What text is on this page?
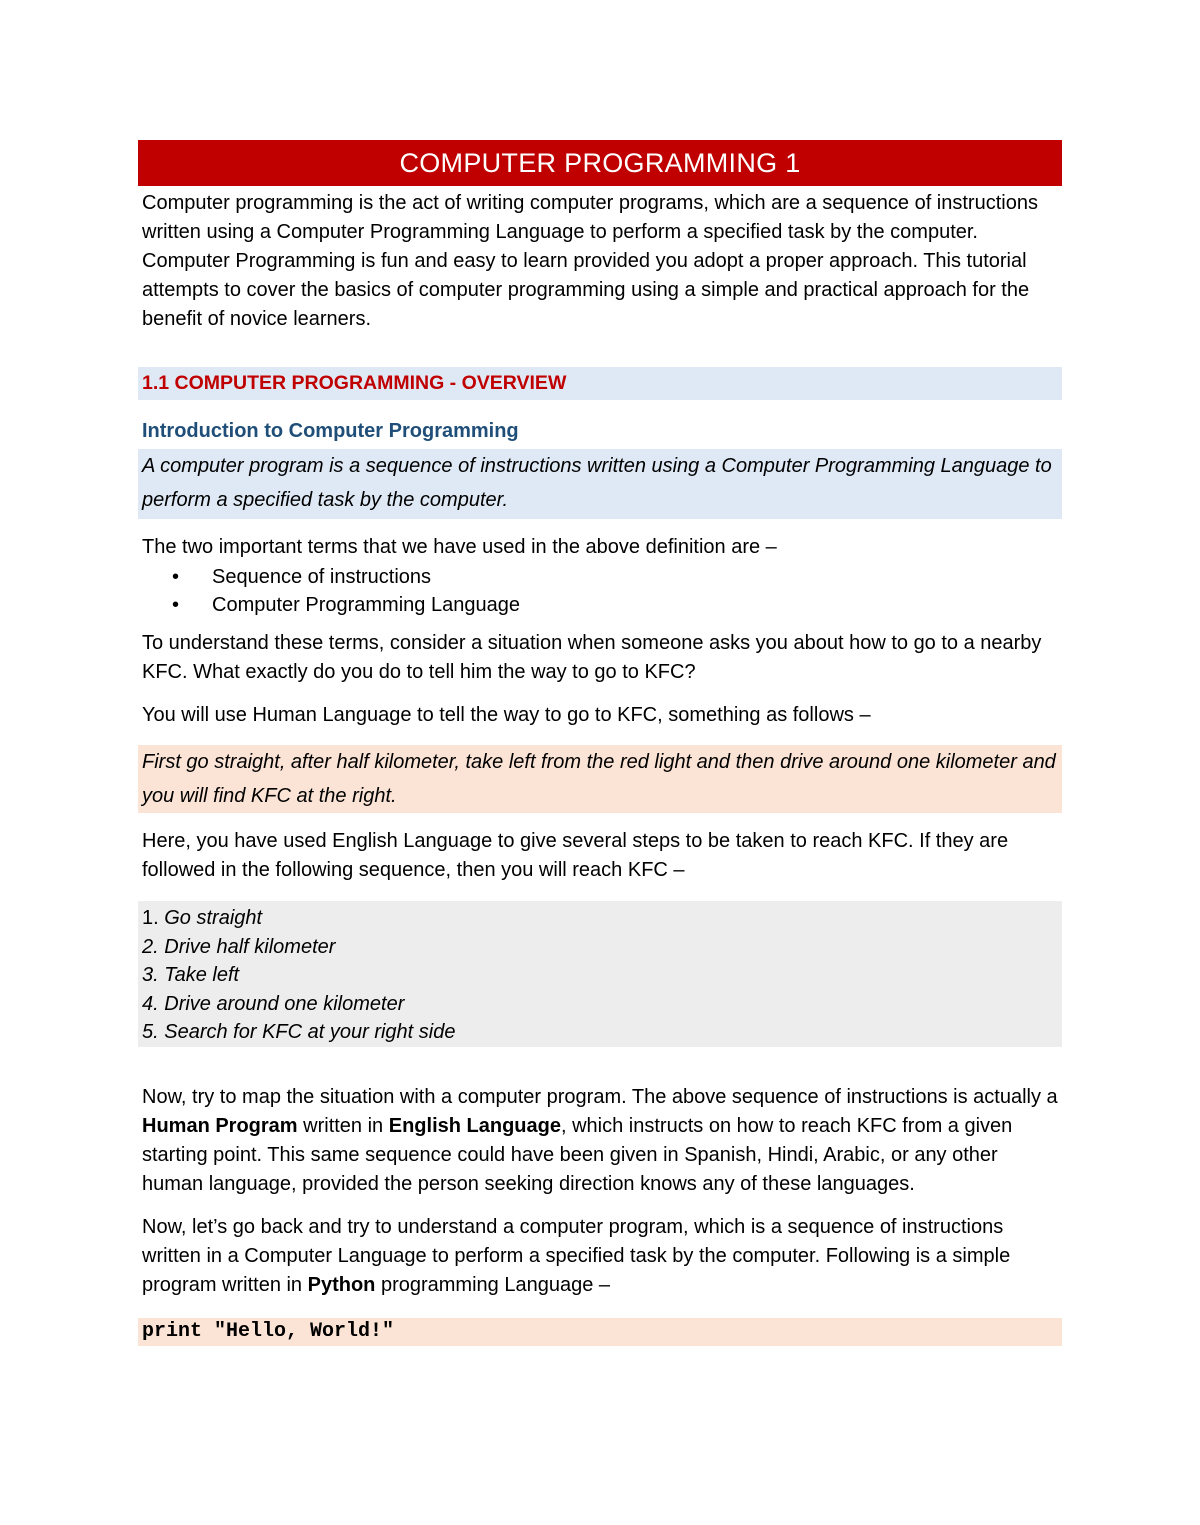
COMPUTER PROGRAMMING 1

Computer programming is the act of writing computer programs, which are a sequence of instructions written using a Computer Programming Language to perform a specified task by the computer. Computer Programming is fun and easy to learn provided you adopt a proper approach. This tutorial attempts to cover the basics of computer programming using a simple and practical approach for the benefit of novice learners.

1.1 COMPUTER PROGRAMMING - OVERVIEW
Introduction to Computer Programming
A computer program is a sequence of instructions written using a Computer Programming Language to perform a specified task by the computer.

The two important terms that we have used in the above definition are –

• Sequence of instructions
• Computer Programming Language

To understand these terms, consider a situation when someone asks you about how to go to a nearby KFC. What exactly do you do to tell him the way to go to KFC?

You will use Human Language to tell the way to go to KFC, something as follows –

First go straight, after half kilometer, take left from the red light and then drive around one kilometer and you will find KFC at the right.

Here, you have used English Language to give several steps to be taken to reach KFC. If they are followed in the following sequence, then you will reach KFC –

1. Go straight
2. Drive half kilometer
3. Take left
4. Drive around one kilometer
5. Search for KFC at your right side

Now, try to map the situation with a computer program. The above sequence of instructions is actually a Human Program written in English Language, which instructs on how to reach KFC from a given starting point. This same sequence could have been given in Spanish, Hindi, Arabic, or any other human language, provided the person seeking direction knows any of these languages.

Now, let’s go back and try to understand a computer program, which is a sequence of instructions written in a Computer Language to perform a specified task by the computer. Following is a simple program written in Python programming Language –

print "Hello, World!"
